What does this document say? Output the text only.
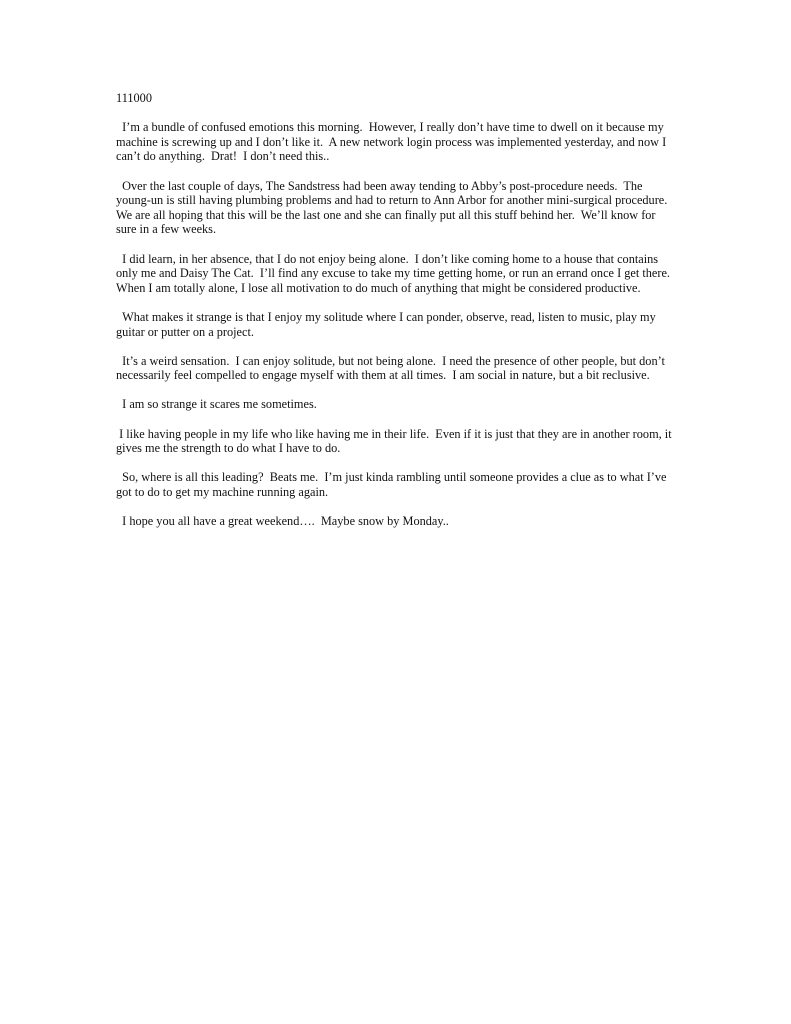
111000

I’m a bundle of confused emotions this morning.  However, I really don’t have time to dwell on it because my machine is screwing up and I don’t like it.  A new network login process was implemented yesterday, and now I can’t do anything.  Drat!  I don’t need this..

Over the last couple of days, The Sandstress had been away tending to Abby’s post-procedure needs.  The young-un is still having plumbing problems and had to return to Ann Arbor for another mini-surgical procedure.  We are all hoping that this will be the last one and she can finally put all this stuff behind her.  We’ll know for sure in a few weeks.

I did learn, in her absence, that I do not enjoy being alone.  I don’t like coming home to a house that contains only me and Daisy The Cat.  I’ll find any excuse to take my time getting home, or run an errand once I get there.  When I am totally alone, I lose all motivation to do much of anything that might be considered productive.

What makes it strange is that I enjoy my solitude where I can ponder, observe, read, listen to music, play my guitar or putter on a project.

It’s a weird sensation.  I can enjoy solitude, but not being alone.  I need the presence of other people, but don’t necessarily feel compelled to engage myself with them at all times.  I am social in nature, but a bit reclusive.

I am so strange it scares me sometimes.

I like having people in my life who like having me in their life.  Even if it is just that they are in another room, it gives me the strength to do what I have to do.

So, where is all this leading?  Beats me.  I’m just kinda rambling until someone provides a clue as to what I’ve got to do to get my machine running again.

I hope you all have a great weekend….  Maybe snow by Monday..
